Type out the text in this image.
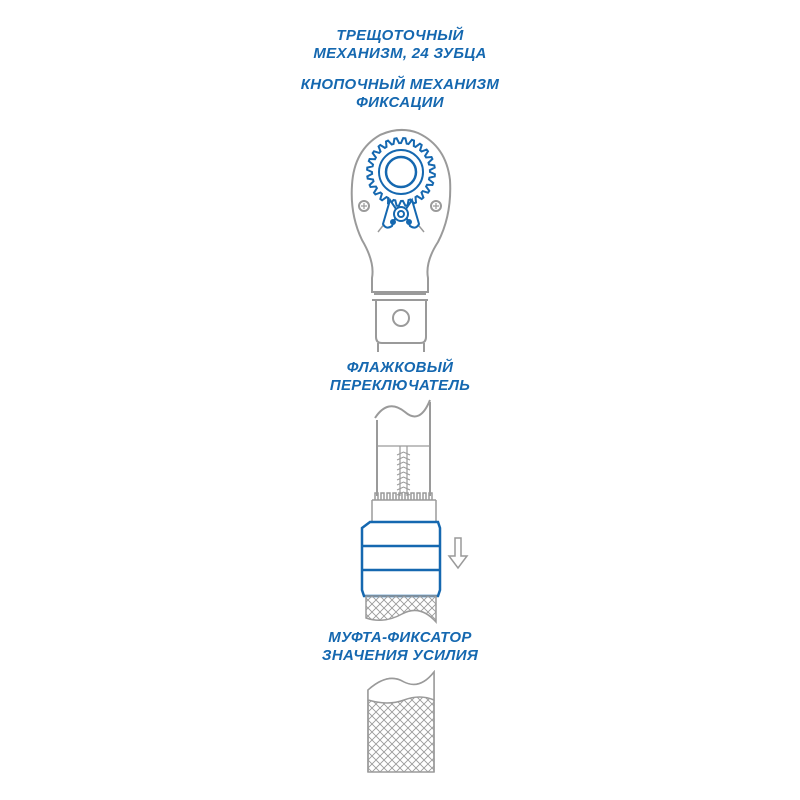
ТРЕЩОТОЧНЫЙ
МЕХАНИЗМ, 24 ЗУБЦА
КНОПОЧНЫЙ МЕХАНИЗМ
ФИКСАЦИИ
ФЛАЖКОВЫЙ
ПЕРЕКЛЮЧАТЕЛЬ
МУФТА-ФИКСАТОР
ЗНАЧЕНИЯ УСИЛИЯ
